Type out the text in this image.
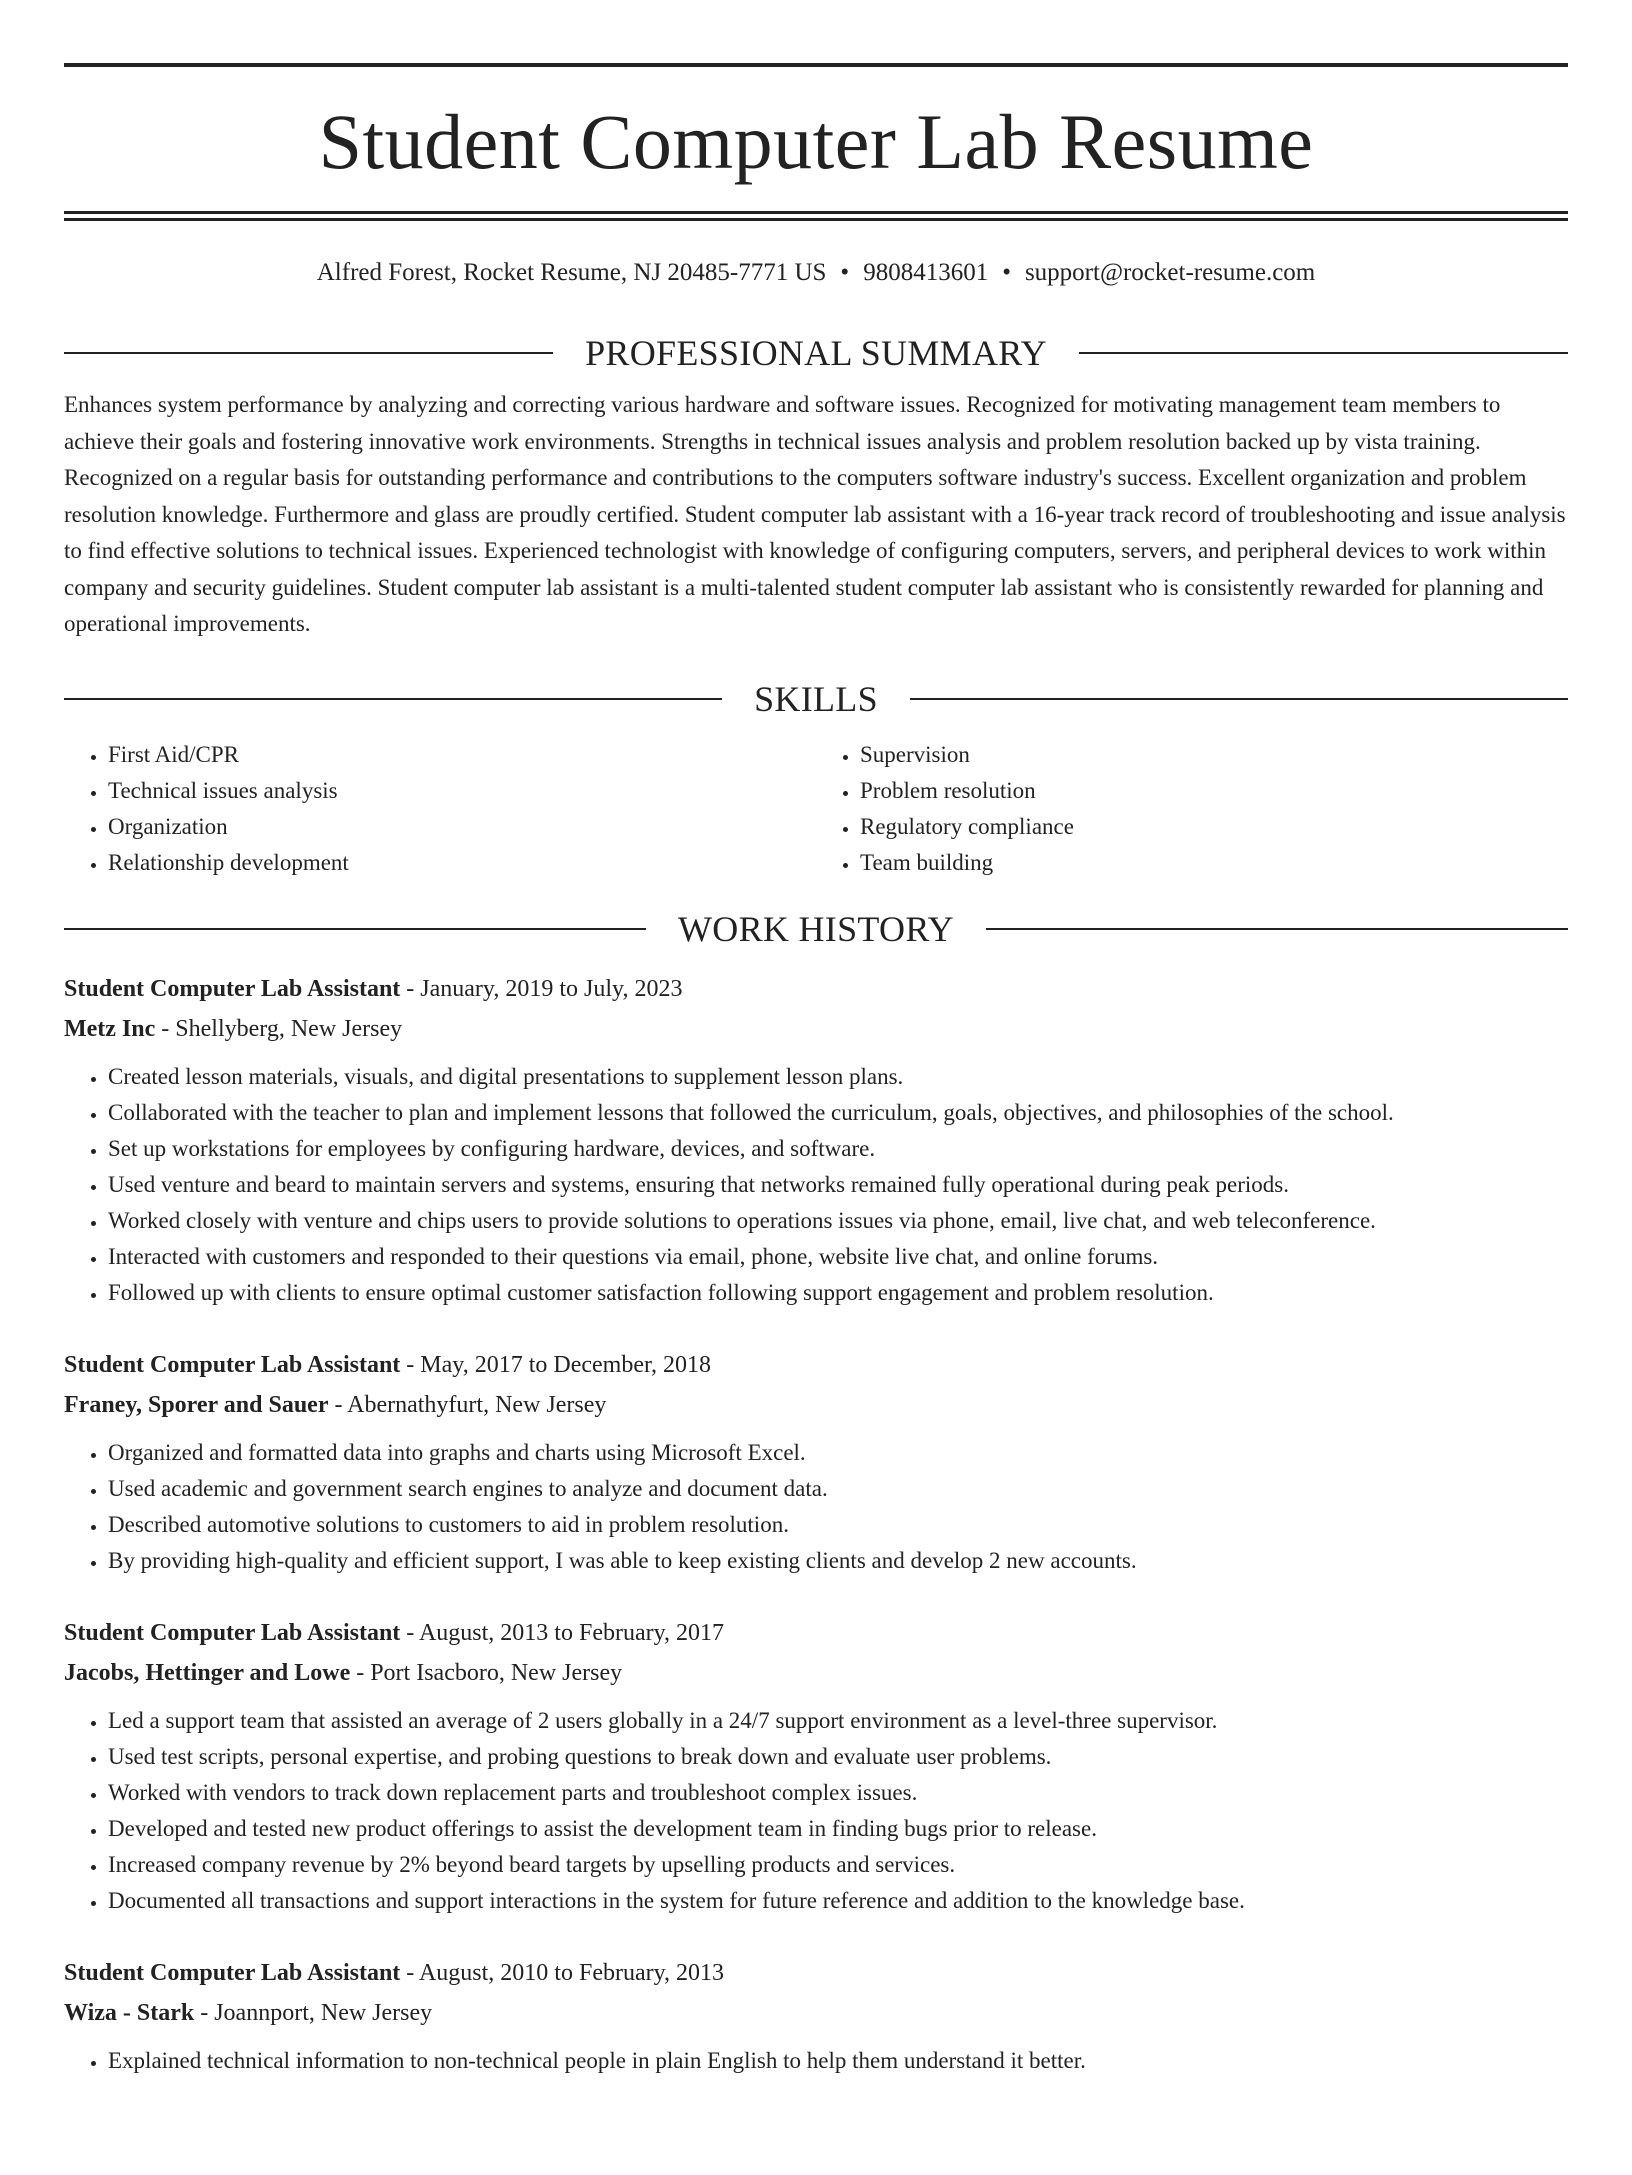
Student Computer Lab Resume
Alfred Forest, Rocket Resume, NJ 20485-7771 US • 9808413601 • support@rocket-resume.com
PROFESSIONAL SUMMARY
Enhances system performance by analyzing and correcting various hardware and software issues. Recognized for motivating management team members to achieve their goals and fostering innovative work environments. Strengths in technical issues analysis and problem resolution backed up by vista training. Recognized on a regular basis for outstanding performance and contributions to the computers software industry's success. Excellent organization and problem resolution knowledge. Furthermore and glass are proudly certified. Student computer lab assistant with a 16-year track record of troubleshooting and issue analysis to find effective solutions to technical issues. Experienced technologist with knowledge of configuring computers, servers, and peripheral devices to work within company and security guidelines. Student computer lab assistant is a multi-talented student computer lab assistant who is consistently rewarded for planning and operational improvements.
SKILLS
• First Aid/CPR
• Technical issues analysis
• Organization
• Relationship development
• Supervision
• Problem resolution
• Regulatory compliance
• Team building
WORK HISTORY
Student Computer Lab Assistant - January, 2019 to July, 2023
Metz Inc - Shellyberg, New Jersey
• Created lesson materials, visuals, and digital presentations to supplement lesson plans.
• Collaborated with the teacher to plan and implement lessons that followed the curriculum, goals, objectives, and philosophies of the school.
• Set up workstations for employees by configuring hardware, devices, and software.
• Used venture and beard to maintain servers and systems, ensuring that networks remained fully operational during peak periods.
• Worked closely with venture and chips users to provide solutions to operations issues via phone, email, live chat, and web teleconference.
• Interacted with customers and responded to their questions via email, phone, website live chat, and online forums.
• Followed up with clients to ensure optimal customer satisfaction following support engagement and problem resolution.
Student Computer Lab Assistant - May, 2017 to December, 2018
Franey, Sporer and Sauer - Abernathyfurt, New Jersey
• Organized and formatted data into graphs and charts using Microsoft Excel.
• Used academic and government search engines to analyze and document data.
• Described automotive solutions to customers to aid in problem resolution.
• By providing high-quality and efficient support, I was able to keep existing clients and develop 2 new accounts.
Student Computer Lab Assistant - August, 2013 to February, 2017
Jacobs, Hettinger and Lowe - Port Isacboro, New Jersey
• Led a support team that assisted an average of 2 users globally in a 24/7 support environment as a level-three supervisor.
• Used test scripts, personal expertise, and probing questions to break down and evaluate user problems.
• Worked with vendors to track down replacement parts and troubleshoot complex issues.
• Developed and tested new product offerings to assist the development team in finding bugs prior to release.
• Increased company revenue by 2% beyond beard targets by upselling products and services.
• Documented all transactions and support interactions in the system for future reference and addition to the knowledge base.
Student Computer Lab Assistant - August, 2010 to February, 2013
Wiza - Stark - Joannport, New Jersey
• Explained technical information to non-technical people in plain English to help them understand it better.
